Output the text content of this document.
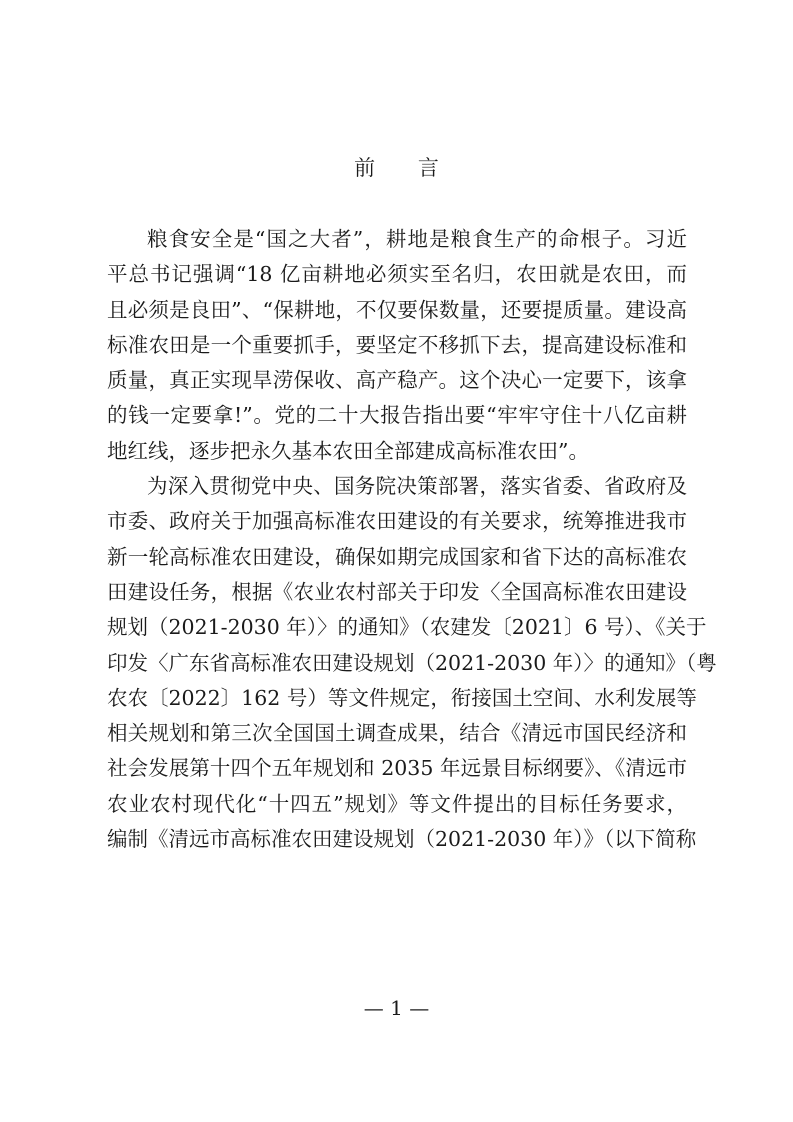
前 言
粮食安全是“国之大者”，耕地是粮食生产的命根子。习近
平总书记强调“18 亿亩耕地必须实至名归，农田就是农田，而
且必须是良田”、“保耕地，不仅要保数量，还要提质量。建设高
标准农田是一个重要抓手，要坚定不移抓下去，提高建设标准和
质量，真正实现旱涝保收、高产稳产。这个决心一定要下，该拿
的钱一定要拿!”。党的二十大报告指出要“牢牢守住十八亿亩耕
地红线，逐步把永久基本农田全部建成高标准农田”。
为深入贯彻党中央、国务院决策部署，落实省委、省政府及
市委、政府关于加强高标准农田建设的有关要求，统筹推进我市
新一轮高标准农田建设，确保如期完成国家和省下达的高标准农
田建设任务，根据《农业农村部关于印发〈全国高标准农田建设
规划（2021-2030 年）〉的通知》（农建发〔2021〕6 号）、《关于
印发〈广东省高标准农田建设规划（2021-2030 年）〉的通知》（粤
农农〔2022〕162 号）等文件规定，衔接国土空间、水利发展等
相关规划和第三次全国国土调查成果，结合《清远市国民经济和
社会发展第十四个五年规划和 2035 年远景目标纲要》、《清远市
农业农村现代化“十四五”规划》等文件提出的目标任务要求，
编制《清远市高标准农田建设规划（2021-2030 年）》（以下简称
— 1 —
